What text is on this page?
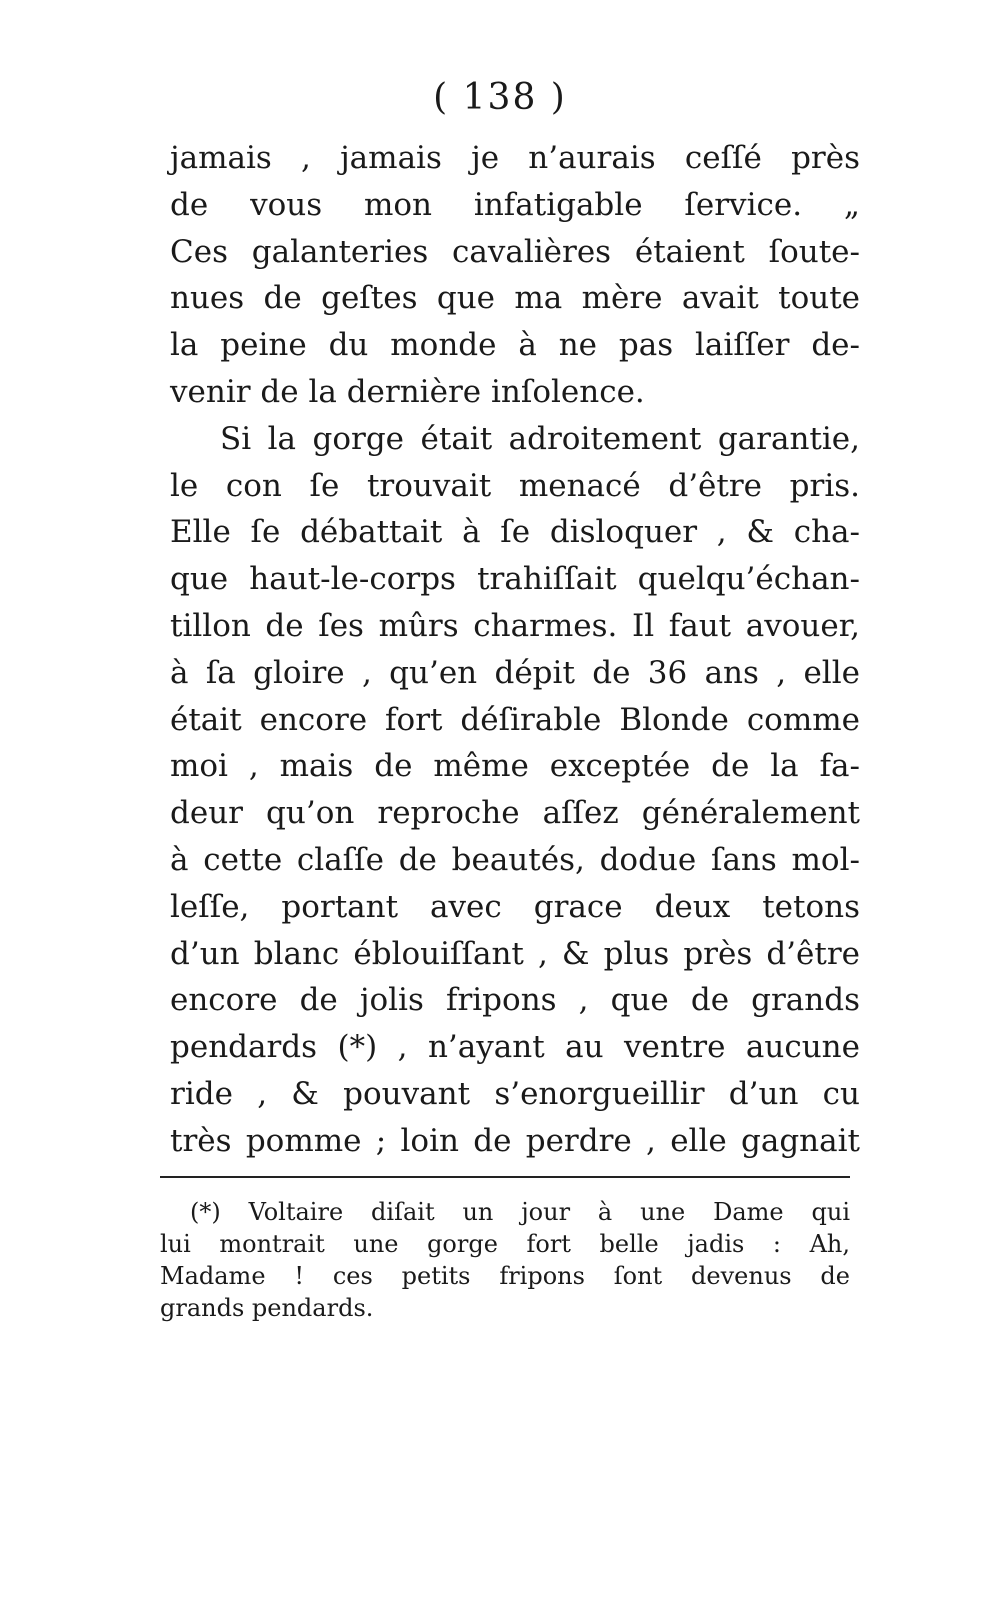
( 138 )
jamais , jamais je n’aurais ceſſé près
de vous mon infatigable ſervice. „
Ces galanteries cavalières étaient ſoute-
nues de geſtes que ma mère avait toute
la peine du monde à ne pas laiſſer de-
venir de la dernière inſolence.
Si la gorge était adroitement garantie,
le con ſe trouvait menacé d’être pris.
Elle ſe débattait à ſe disloquer , & cha-
que haut-le-corps trahiſſait quelqu’échan-
tillon de ſes mûrs charmes. Il faut avouer,
à ſa gloire , qu’en dépit de 36 ans , elle
était encore fort déſirable Blonde comme
moi , mais de même exceptée de la fa-
deur qu’on reproche aſſez généralement
à cette claſſe de beautés, dodue ſans mol-
leſſe, portant avec grace deux tetons
d’un blanc éblouiſſant , & plus près d’être
encore de jolis fripons , que de grands
pendards (*) , n’ayant au ventre aucune
ride , & pouvant s’enorgueillir d’un cu
très pomme ; loin de perdre , elle gagnait
(*) Voltaire diſait un jour à une Dame qui
lui montrait une gorge fort belle jadis : Ah,
Madame ! ces petits fripons ſont devenus de
grands pendards.
